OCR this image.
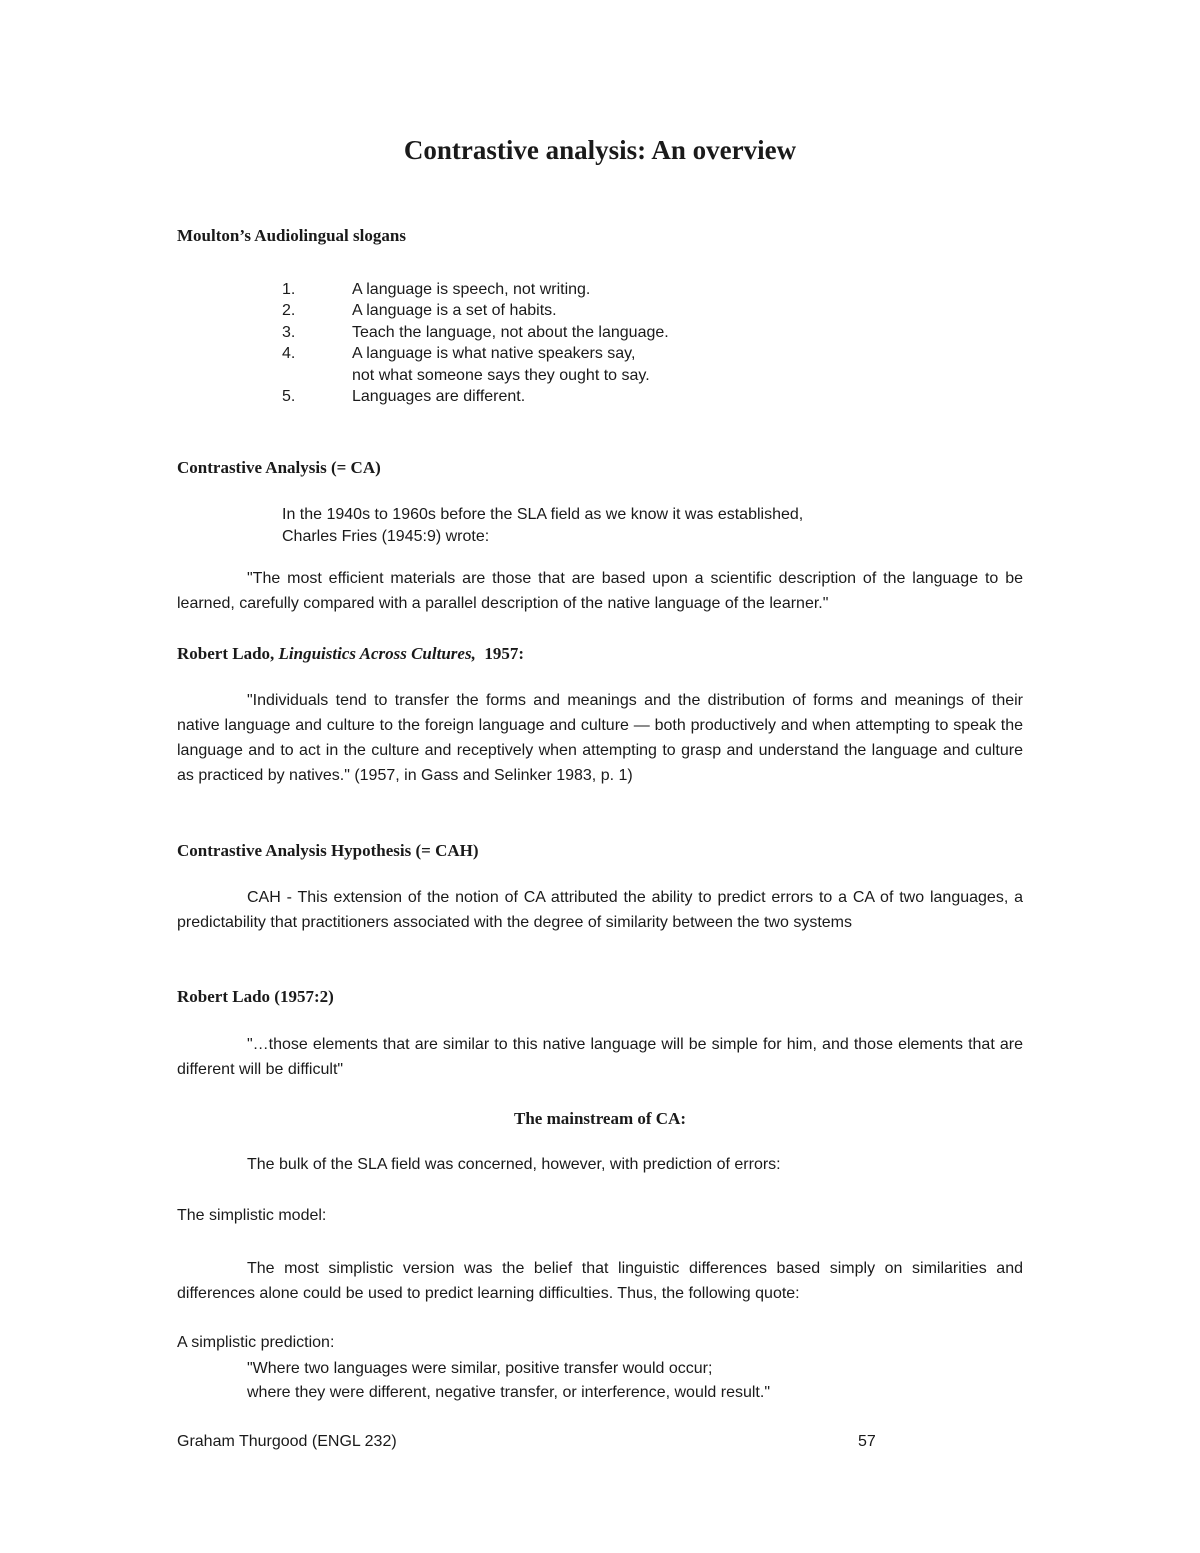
Contrastive analysis: An overview
Moulton’s Audiolingual slogans
1.	A language is speech, not writing.
2.	A language is a set of habits.
3.	Teach the language, not about the language.
4.	A language is what native speakers say,
not what someone says they ought to say.
5.	Languages are different.
Contrastive Analysis (= CA)
In the 1940s to 1960s before the SLA field as we know it was established,
Charles Fries (1945:9) wrote:
"The most efficient materials are those that are based upon a scientific description of the language to be learned, carefully compared with a parallel description of the native language of the learner."
Robert Lado, Linguistics Across Cultures,  1957:
"Individuals tend to transfer the forms and meanings and the distribution of forms and meanings of their native language and culture to the foreign language and culture — both productively and when attempting to speak the language and to act in the culture and receptively when attempting to grasp and understand the language and culture as practiced by natives." (1957, in Gass and Selinker 1983, p. 1)
Contrastive Analysis Hypothesis (= CAH)
CAH - This extension of the notion of CA attributed the ability to predict errors to a CA of two languages, a predictability that practitioners associated with the degree of similarity between the two systems
Robert Lado (1957:2)
"…those elements that are similar to this native language will be simple for him, and those elements that are different will be difficult"
The mainstream of CA:
The bulk of the SLA field was concerned, however, with prediction of errors:
The simplistic model:
The most simplistic version was the belief that linguistic differences based simply on similarities and differences alone could be used to predict learning difficulties. Thus, the following quote:
A simplistic prediction:
"Where two languages were similar, positive transfer would occur;
where they were different, negative transfer, or interference, would result."
Graham Thurgood (ENGL 232)	57
